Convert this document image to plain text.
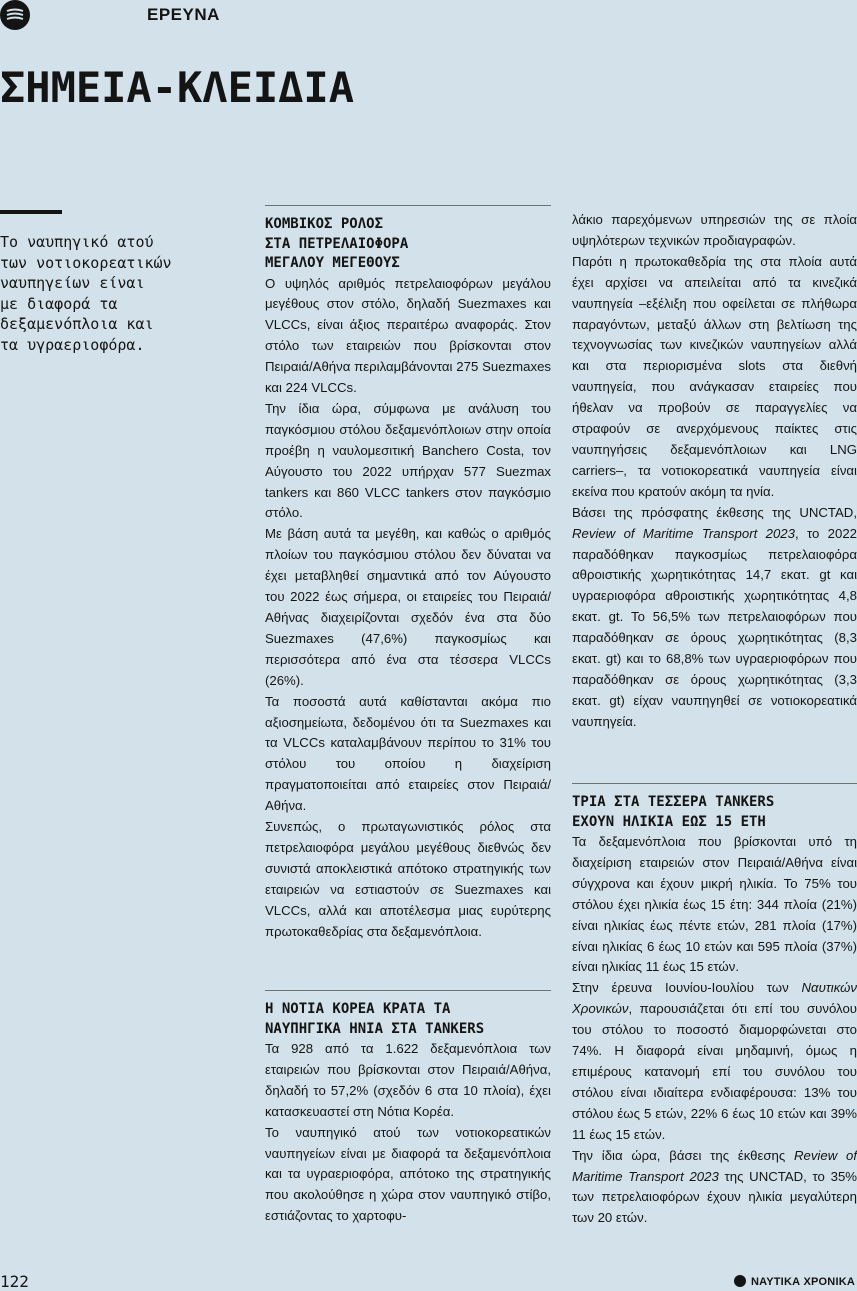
ΕΡΕΥΝΑ
ΣΗΜΕΙΑ-ΚΛΕΙΔΙΑ
Το ναυπηγικό ατού
των νοτιοκορεατικών
ναυπηγείων είναι
με διαφορά τα
δεξαμενόπλοια και
τα υγραεριοφόρα.
ΚΟΜΒΙΚΟΣ ΡΟΛΟΣ
ΣΤΑ ΠΕΤΡΕΛΑΙΟΦΟΡΑ
ΜΕΓΑΛΟΥ ΜΕΓΕΘΟΥΣ

Ο υψηλός αριθμός πετρελαιοφόρων μεγάλου μεγέθους στον στόλο, δηλαδή Suezmaxes και VLCCs, είναι άξιος περαιτέρω αναφοράς. Στον στόλο των εταιρειών που βρίσκονται στον Πειραιά/Αθήνα περιλαμβάνονται 275 Suezmaxes και 224 VLCCs.

Την ίδια ώρα, σύμφωνα με ανάλυση του παγκόσμιου στόλου δεξαμενόπλοιων στην οποία προέβη η ναυλομεσιτική Banchero Costa, τον Αύγουστο του 2022 υπήρχαν 577 Suezmax tankers και 860 VLCC tankers στον παγκόσμιο στόλο.

Με βάση αυτά τα μεγέθη, και καθώς ο αριθμός πλοίων του παγκόσμιου στόλου δεν δύναται να έχει μεταβληθεί σημαντικά από τον Αύγουστο του 2022 έως σήμερα, οι εταιρείες του Πειραιά/Αθήνας διαχειρίζονται σχεδόν ένα στα δύο Suezmaxes (47,6%) παγκοσμίως και περισσότερα από ένα στα τέσσερα VLCCs (26%).

Τα ποσοστά αυτά καθίστανται ακόμα πιο αξιοσημείωτα, δεδομένου ότι τα Suezmaxes και τα VLCCs καταλαμβάνουν περίπου το 31% του στόλου του οποίου η διαχείριση πραγματοποιείται από εταιρείες στον Πειραιά/Αθήνα.

Συνεπώς, ο πρωταγωνιστικός ρόλος στα πετρελαιοφόρα μεγάλου μεγέθους διεθνώς δεν συνιστά αποκλειστικά απότοκο στρατηγικής των εταιρειών να εστιαστούν σε Suezmaxes και VLCCs, αλλά και αποτέλεσμα μιας ευρύτερης πρωτοκαθεδρίας στα δεξαμενόπλοια.

Η ΝΟΤΙΑ ΚΟΡΕΑ ΚΡΑΤΑ ΤΑ
ΝΑΥΠΗΓΙΚΑ ΗΝΙΑ ΣΤΑ TANKERS

Τα 928 από τα 1.622 δεξαμενόπλοια των εταιρειών που βρίσκονται στον Πειραιά/Αθήνα, δηλαδή το 57,2% (σχεδόν 6 στα 10 πλοία), έχει κατασκευαστεί στη Νότια Κορέα.

Το ναυπηγικό ατού των νοτιοκορεατικών ναυπηγείων είναι με διαφορά τα δεξαμενόπλοια και τα υγραεριοφόρα, απότοκο της στρατηγικής που ακολούθησε η χώρα στον ναυπηγικό στίβο, εστιάζοντας το χαρτοφυ-

λάκιο παρεχόμενων υπηρεσιών της σε πλοία υψηλότερων τεχνικών προδιαγραφών.

Παρότι η πρωτοκαθεδρία της στα πλοία αυτά έχει αρχίσει να απειλείται από τα κινεζικά ναυπηγεία –εξέλιξη που οφείλεται σε πλήθωρα παραγόντων, μεταξύ άλλων στη βελτίωση της τεχνογνωσίας των κινεζικών ναυπηγείων αλλά και στα περιορισμένα slots στα διεθνή ναυπηγεία, που ανάγκασαν εταιρείες που ήθελαν να προβούν σε παραγγελίες να στραφούν σε ανερχόμενους παίκτες στις ναυπηγήσεις δεξαμενόπλοιων και LNG carriers–, τα νοτιοκορεατικά ναυπηγεία είναι εκείνα που κρατούν ακόμη τα ηνία.

Βάσει της πρόσφατης έκθεσης της UNCTAD, Review of Maritime Transport 2023, το 2022 παραδόθηκαν παγκοσμίως πετρελαιοφόρα αθροιστικής χωρητικότητας 14,7 εκατ. gt και υγραεριοφόρα αθροιστικής χωρητικότητας 4,8 εκατ. gt. Το 56,5% των πετρελαιοφόρων που παραδόθηκαν σε όρους χωρητικότητας (8,3 εκατ. gt) και το 68,8% των υγραεριοφόρων που παραδόθηκαν σε όρους χωρητικότητας (3,3 εκατ. gt) είχαν ναυπηγηθεί σε νοτιοκορεατικά ναυπηγεία.

ΤΡΙΑ ΣΤΑ ΤΕΣΣΕΡΑ TANKERS
ΕΧΟΥΝ ΗΛΙΚΙΑ ΕΩΣ 15 ΕΤΗ

Τα δεξαμενόπλοια που βρίσκονται υπό τη διαχείριση εταιρειών στον Πειραιά/Αθήνα είναι σύγχρονα και έχουν μικρή ηλικία. Το 75% του στόλου έχει ηλικία έως 15 έτη: 344 πλοία (21%) είναι ηλικίας έως πέντε ετών, 281 πλοία (17%) είναι ηλικίας 6 έως 10 ετών και 595 πλοία (37%) είναι ηλικίας 11 έως 15 ετών.

Στην έρευνα Ιουνίου-Ιουλίου των Ναυτικών Χρονικών, παρουσιάζεται ότι επί του συνόλου του στόλου το ποσοστό διαμορφώνεται στο 74%. Η διαφορά είναι μηδαμινή, όμως η επιμέρους κατανομή επί του συνόλου του στόλου είναι ιδιαίτερα ενδιαφέρουσα: 13% του στόλου έως 5 ετών, 22% 6 έως 10 ετών και 39% 11 έως 15 ετών.

Την ίδια ώρα, βάσει της έκθεσης Review of Maritime Transport 2023 της UNCTAD, το 35% των πετρελαιοφόρων έχουν ηλικία μεγαλύτερη των 20 ετών.

122	ΝΑΥΤΙΚΑ ΧΡΟΝΙΚΑ
